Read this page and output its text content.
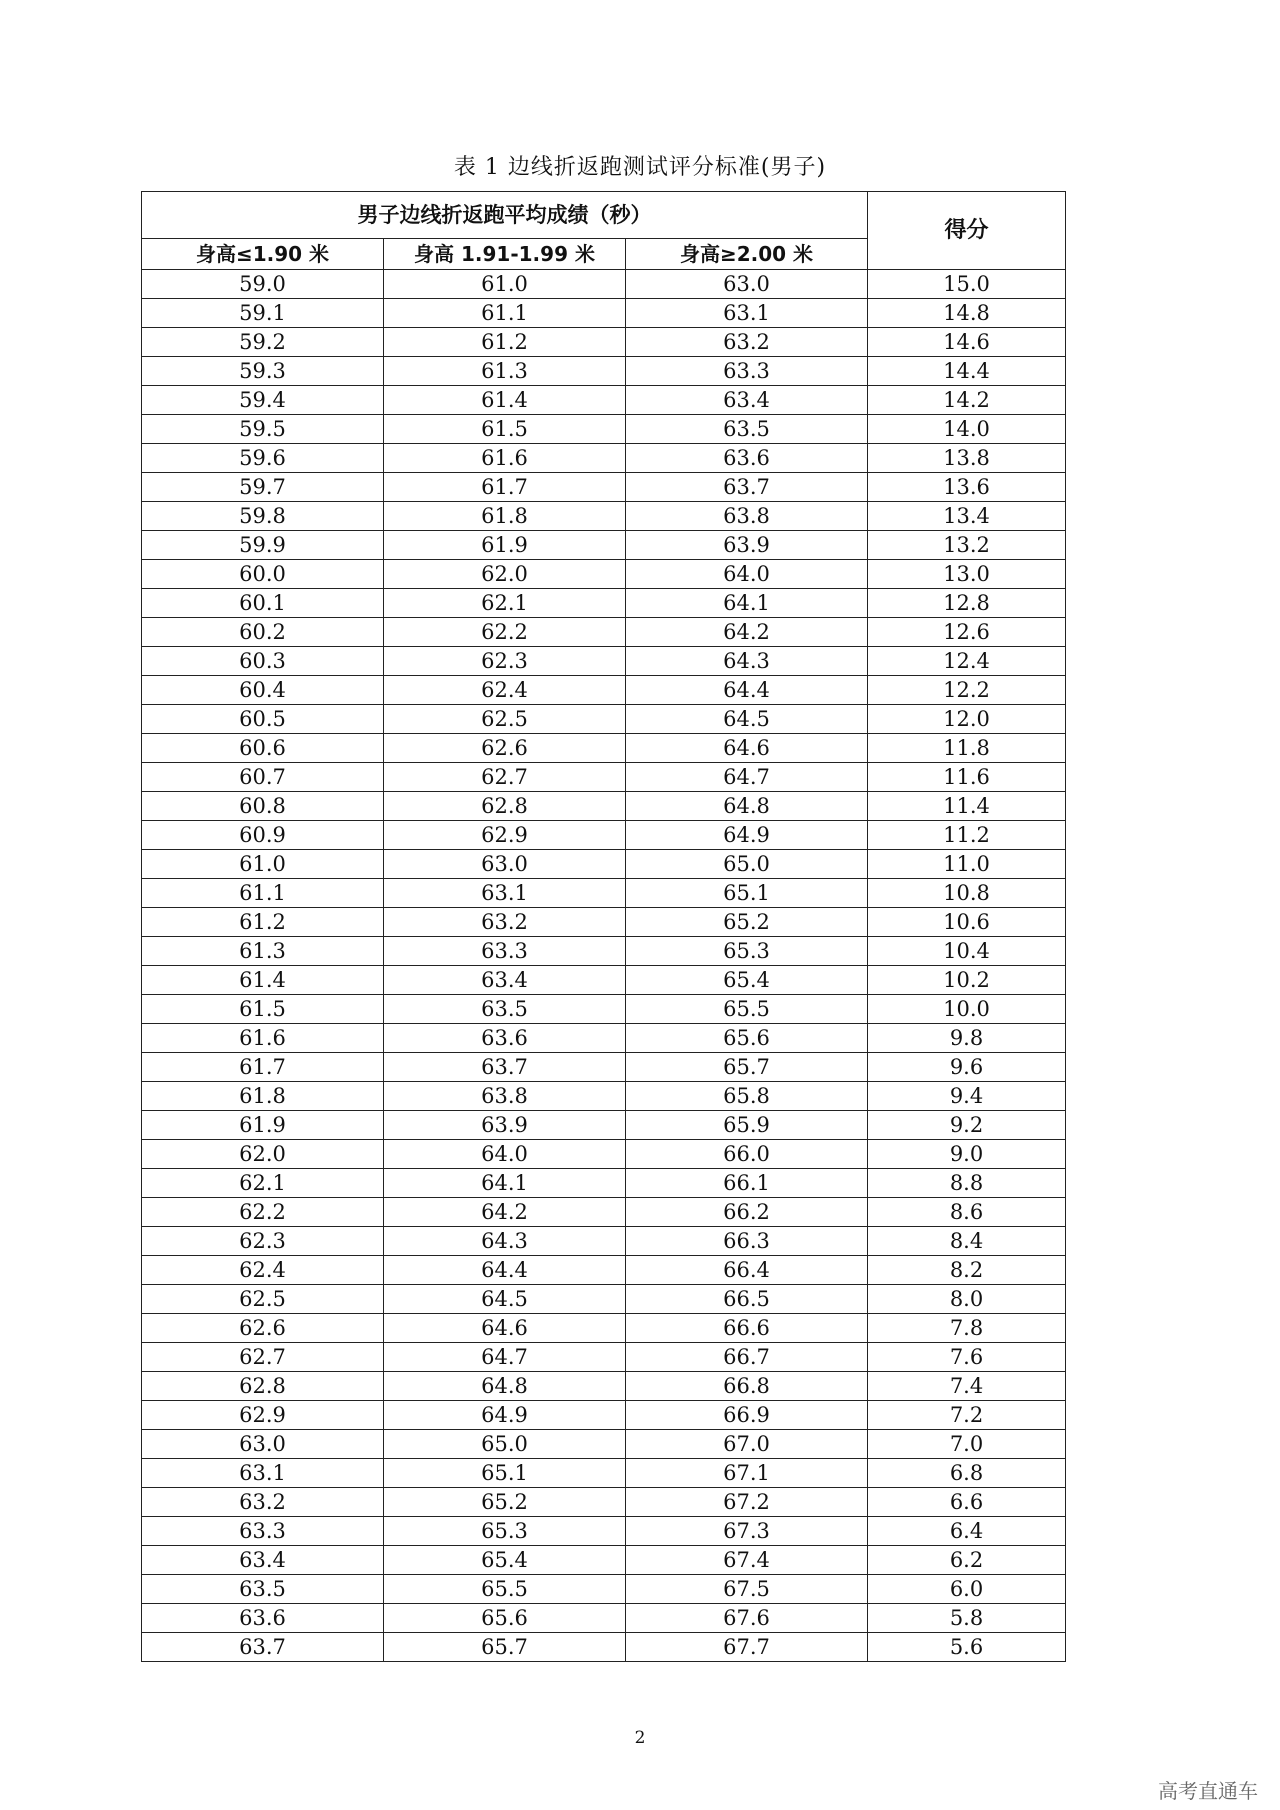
表 1 边线折返跑测试评分标准(男子)
男子边线折返跑平均成绩（秒）			得分
身高≤1.90 米	身高 1.91-1.99 米	身高≥2.00 米	
59.0	61.0	63.0	15.0
59.1	61.1	63.1	14.8
59.2	61.2	63.2	14.6
59.3	61.3	63.3	14.4
59.4	61.4	63.4	14.2
59.5	61.5	63.5	14.0
59.6	61.6	63.6	13.8
59.7	61.7	63.7	13.6
59.8	61.8	63.8	13.4
59.9	61.9	63.9	13.2
60.0	62.0	64.0	13.0
60.1	62.1	64.1	12.8
60.2	62.2	64.2	12.6
60.3	62.3	64.3	12.4
60.4	62.4	64.4	12.2
60.5	62.5	64.5	12.0
60.6	62.6	64.6	11.8
60.7	62.7	64.7	11.6
60.8	62.8	64.8	11.4
60.9	62.9	64.9	11.2
61.0	63.0	65.0	11.0
61.1	63.1	65.1	10.8
61.2	63.2	65.2	10.6
61.3	63.3	65.3	10.4
61.4	63.4	65.4	10.2
61.5	63.5	65.5	10.0
61.6	63.6	65.6	9.8
61.7	63.7	65.7	9.6
61.8	63.8	65.8	9.4
61.9	63.9	65.9	9.2
62.0	64.0	66.0	9.0
62.1	64.1	66.1	8.8
62.2	64.2	66.2	8.6
62.3	64.3	66.3	8.4
62.4	64.4	66.4	8.2
62.5	64.5	66.5	8.0
62.6	64.6	66.6	7.8
62.7	64.7	66.7	7.6
62.8	64.8	66.8	7.4
62.9	64.9	66.9	7.2
63.0	65.0	67.0	7.0
63.1	65.1	67.1	6.8
63.2	65.2	67.2	6.6
63.3	65.3	67.3	6.4
63.4	65.4	67.4	6.2
63.5	65.5	67.5	6.0
63.6	65.6	67.6	5.8
63.7	65.7	67.7	5.6
2
高考直通车
